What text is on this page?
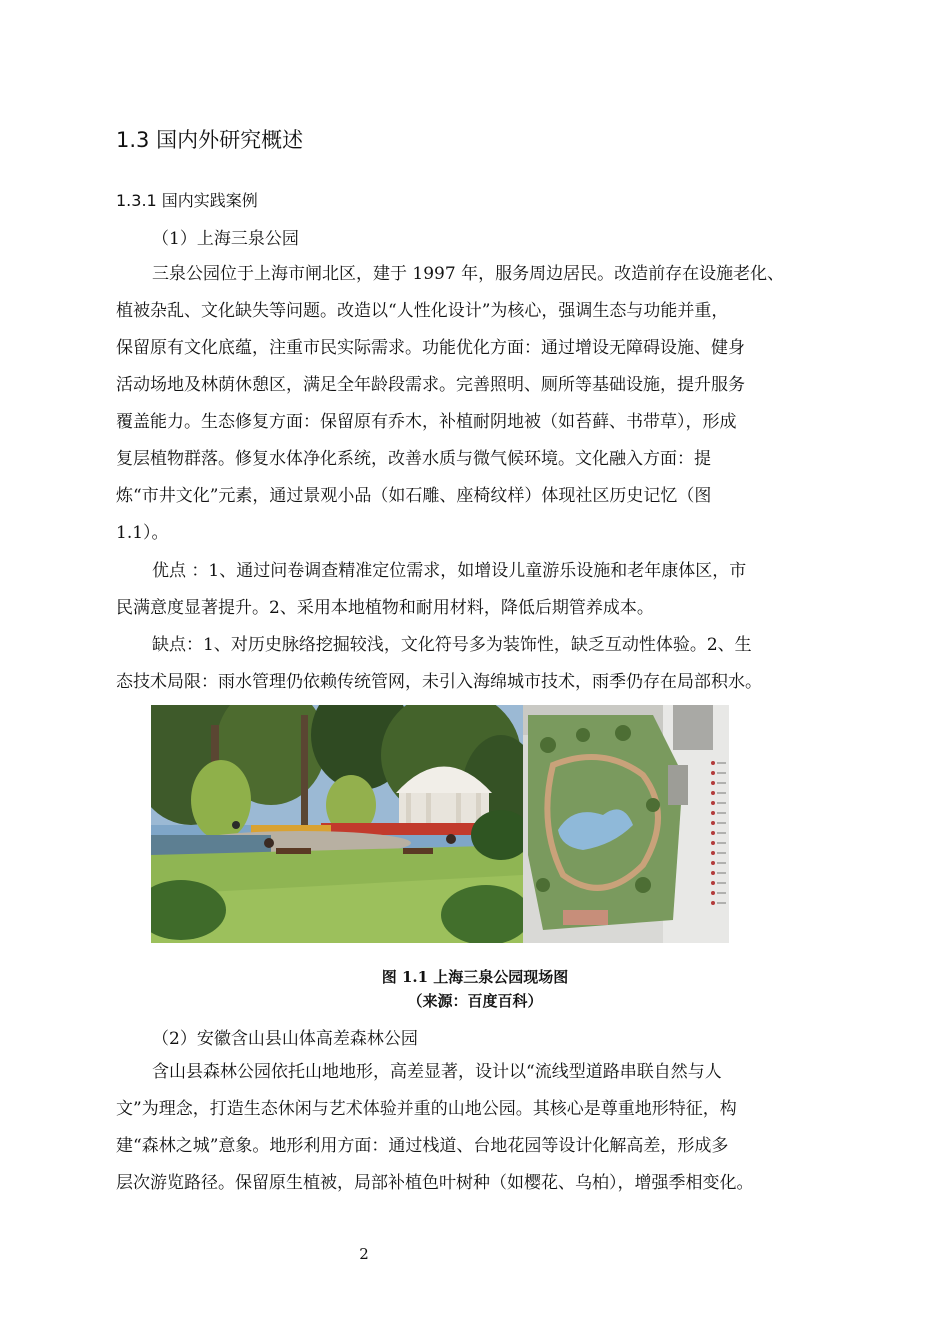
1.3 国内外研究概述
1.3.1 国内实践案例

（1）上海三泉公园

三泉公园位于上海市闸北区，建于 1997 年，服务周边居民。改造前存在设施老化、
植被杂乱、文化缺失等问题。改造以“人性化设计”为核心，强调生态与功能并重，
保留原有文化底蕴，注重市民实际需求。功能优化方面：通过增设无障碍设施、健身
活动场地及林荫休憩区，满足全年龄段需求。完善照明、厕所等基础设施，提升服务
覆盖能力。生态修复方面：保留原有乔木，补植耐阴地被（如苔藓、书带草），形成
复层植物群落。修复水体净化系统，改善水质与微气候环境。文化融入方面：提
炼“市井文化”元素，通过景观小品（如石雕、座椅纹样）体现社区历史记忆（图
1.1）。
优点 ：1、通过问卷调查精准定位需求，如增设儿童游乐设施和老年康体区，市
民满意度显著提升。2、采用本地植物和耐用材料，降低后期管养成本。
缺点：1、对历史脉络挖掘较浅，文化符号多为装饰性，缺乏互动性体验。2、生
态技术局限：雨水管理仍依赖传统管网，未引入海绵城市技术，雨季仍存在局部积水。
图 1.1 上海三泉公园现场图
（来源：百度百科）

（2）安徽含山县山体高差森林公园

含山县森林公园依托山地地形，高差显著，设计以“流线型道路串联自然与人
文”为理念，打造生态休闲与艺术体验并重的山地公园。其核心是尊重地形特征，构
建“森林之城”意象。地形利用方面：通过栈道、台地花园等设计化解高差，形成多
层次游览路径。保留原生植被，局部补植色叶树种（如樱花、乌柏），增强季相变化。
2
